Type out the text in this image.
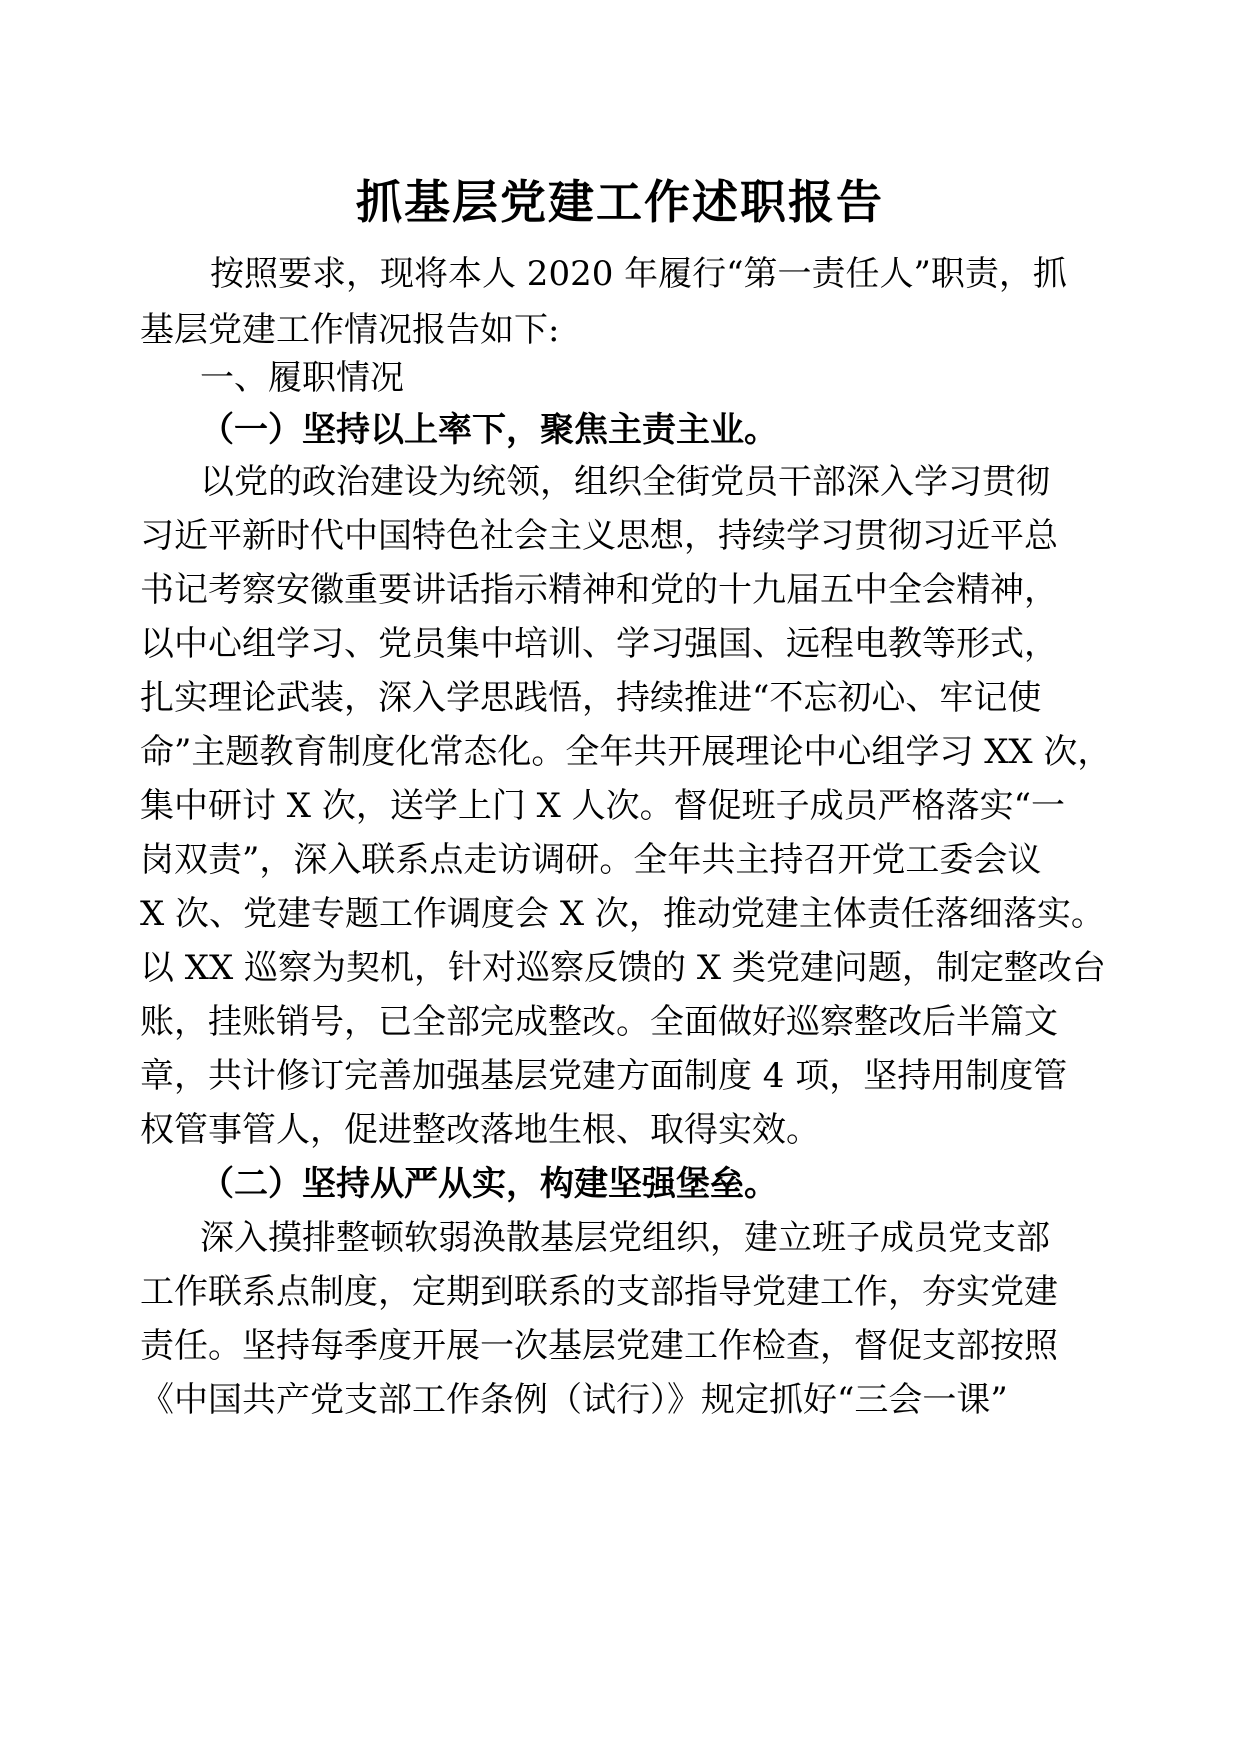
抓基层党建工作述职报告
按照要求，现将本人 2020 年履行“第一责任人”职责，抓
基层党建工作情况报告如下:
一、履职情况
（一）坚持以上率下，聚焦主责主业。
以党的政治建设为统领，组织全街党员干部深入学习贯彻
习近平新时代中国特色社会主义思想，持续学习贯彻习近平总
书记考察安徽重要讲话指示精神和党的十九届五中全会精神，
以中心组学习、党员集中培训、学习强国、远程电教等形式，
扎实理论武装，深入学思践悟，持续推进“不忘初心、牢记使
命”主题教育制度化常态化。全年共开展理论中心组学习 XX 次，
集中研讨 X 次，送学上门 X 人次。督促班子成员严格落实“一
岗双责”，深入联系点走访调研。全年共主持召开党工委会议
X 次、党建专题工作调度会 X 次，推动党建主体责任落细落实。
以 XX 巡察为契机，针对巡察反馈的 X 类党建问题，制定整改台
账，挂账销号，已全部完成整改。全面做好巡察整改后半篇文
章，共计修订完善加强基层党建方面制度 4 项，坚持用制度管
权管事管人，促进整改落地生根、取得实效。
（二）坚持从严从实，构建坚强堡垒。
深入摸排整顿软弱涣散基层党组织，建立班子成员党支部
工作联系点制度，定期到联系的支部指导党建工作，夯实党建
责任。坚持每季度开展一次基层党建工作检查，督促支部按照
《中国共产党支部工作条例（试行）》规定抓好“三会一课”
